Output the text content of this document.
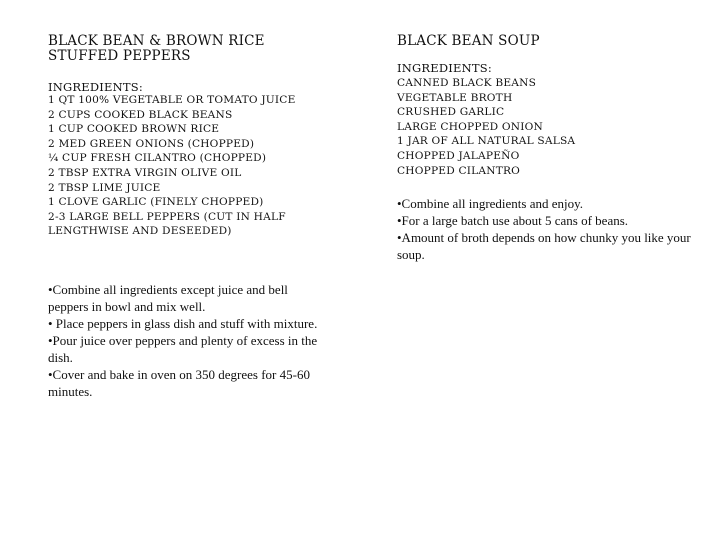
BLACK BEAN & BROWN RICE STUFFED PEPPERS
INGREDIENTS:
1 QT 100% VEGETABLE OR TOMATO JUICE
2 CUPS COOKED BLACK BEANS
1 CUP COOKED BROWN RICE
2 MED GREEN ONIONS (CHOPPED)
¼ CUP FRESH CILANTRO (CHOPPED)
2 TBSP EXTRA VIRGIN OLIVE OIL
2 TBSP LIME JUICE
1 CLOVE GARLIC (FINELY CHOPPED)
2-3 LARGE BELL PEPPERS (CUT IN HALF LENGTHWISE AND DESEEDED)
•Combine all ingredients except juice and bell peppers in bowl and mix well.
• Place peppers in glass dish and stuff with mixture.
•Pour juice over peppers and plenty of excess in the dish.
•Cover and bake in oven on 350 degrees for 45-60 minutes.
BLACK BEAN SOUP
INGREDIENTS:
CANNED BLACK BEANS
VEGETABLE BROTH
CRUSHED GARLIC
LARGE CHOPPED ONION
1 JAR OF ALL NATURAL SALSA
CHOPPED JALAPEÑO
CHOPPED CILANTRO
•Combine all ingredients and enjoy.
•For a large batch use about 5 cans of beans.
•Amount of broth depends on how chunky you like your soup.
